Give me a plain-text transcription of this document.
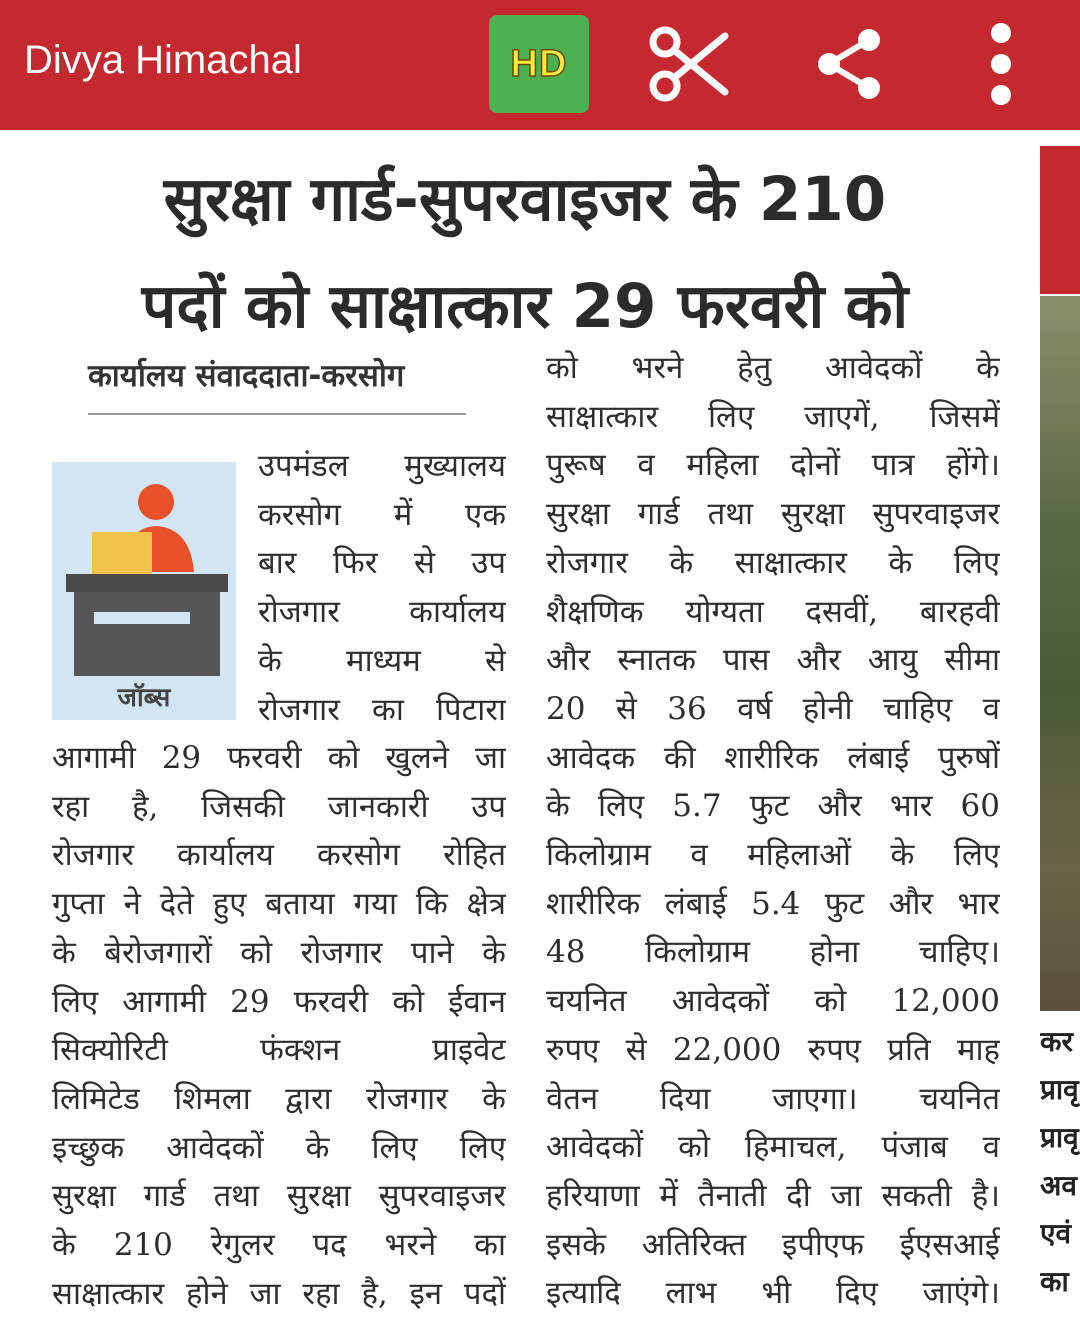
Divya Himachal	HD
सुरक्षा गार्ड-सुपरवाइजर के 210
पदों को साक्षात्कार 29 फरवरी को
कार्यालय संवाददाता-करसोग
जॉब्स
उपमंडल मुख्यालय
करसोग में एक
बार फिर से उप
रोजगार कार्यालय
के माध्यम से
रोजगार का पिटारा
आगामी 29 फरवरी को खुलने जा
रहा है, जिसकी जानकारी उप
रोजगार कार्यालय करसोग रोहित
गुप्ता ने देते हुए बताया गया कि क्षेत्र
के बेरोजगारों को रोजगार पाने के
लिए आगामी 29 फरवरी को ईवान
सिक्योरिटी फंक्शन प्राइवेट
लिमिटेड शिमला द्वारा रोजगार के
इच्छुक आवेदकों के लिए लिए
सुरक्षा गार्ड तथा सुरक्षा सुपरवाइजर
के 210 रेगुलर पद भरने का
साक्षात्कार होने जा रहा है, इन पदों
को भरने हेतु आवेदकों के
साक्षात्कार लिए जाएगें, जिसमें
पुरूष व महिला दोनों पात्र होंगे।
सुरक्षा गार्ड तथा सुरक्षा सुपरवाइजर
रोजगार के साक्षात्कार के लिए
शैक्षणिक योग्यता दसवीं, बारहवी
और स्नातक पास और आयु सीमा
20 से 36 वर्ष होनी चाहिए व
आवेदक की शारीरिक लंबाई पुरुषों
के लिए 5.7 फुट और भार 60
किलोग्राम व महिलाओं के लिए
शारीरिक लंबाई 5.4 फुट और भार
48 किलोग्राम होना चाहिए।
चयनित आवेदकों को 12,000
रुपए से 22,000 रुपए प्रति माह
वेतन दिया जाएगा। चयनित
आवेदकों को हिमाचल, पंजाब व
हरियाणा में तैनाती दी जा सकती है।
इसके अतिरिक्त इपीएफ ईएसआई
इत्यादि लाभ भी दिए जाएंगे।
कर
प्रावृ
प्रावृ
अव
एवं
का
